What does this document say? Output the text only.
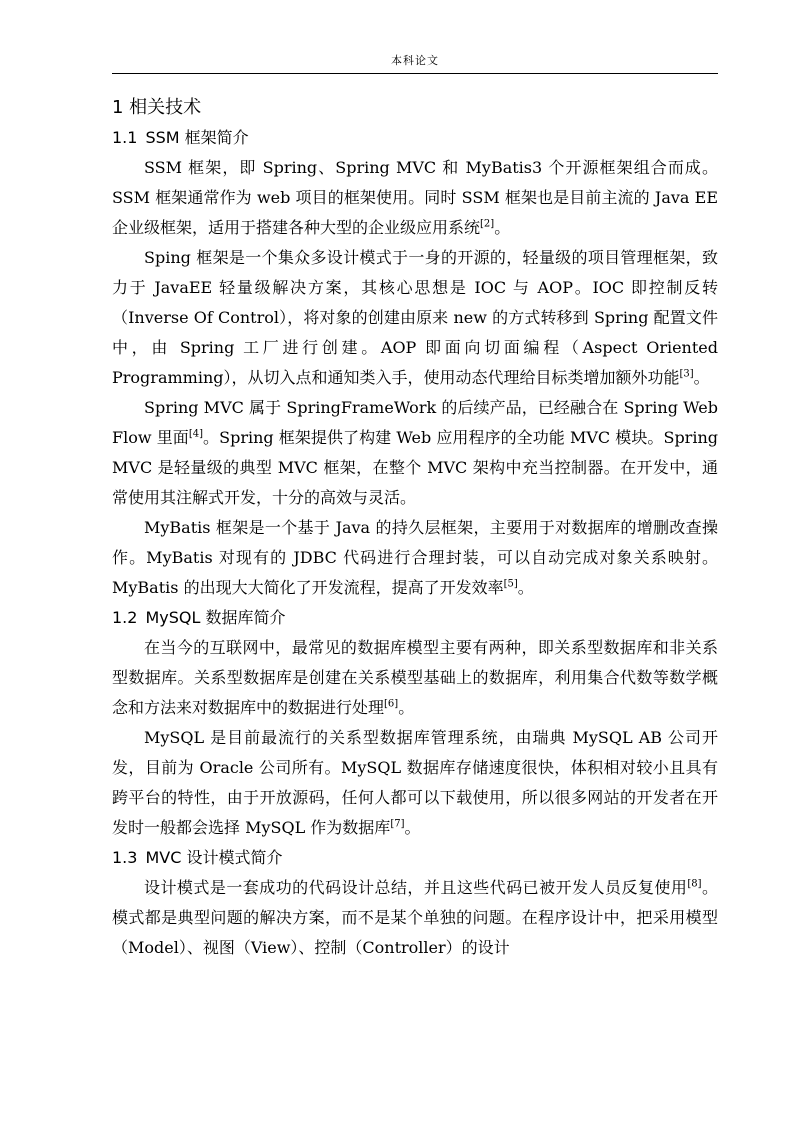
本科论文
1 相关技术
1.1 SSM 框架简介

SSM 框架，即 Spring、Spring MVC 和 MyBatis3 个开源框架组合而成。SSM 框架通常作为 web 项目的框架使用。同时 SSM 框架也是目前主流的 Java EE 企业级框架，适用于搭建各种大型的企业级应用系统[2]。

Sping 框架是一个集众多设计模式于一身的开源的，轻量级的项目管理框架，致力于 JavaEE 轻量级解决方案，其核心思想是 IOC 与 AOP。IOC 即控制反转（Inverse Of Control），将对象的创建由原来 new 的方式转移到 Spring 配置文件中，由 Spring 工厂进行创建。AOP 即面向切面编程（Aspect Oriented Programming），从切入点和通知类入手，使用动态代理给目标类增加额外功能[3]。

Spring MVC 属于 SpringFrameWork 的后续产品，已经融合在 Spring Web Flow 里面[4]。Spring 框架提供了构建 Web 应用程序的全功能 MVC 模块。Spring MVC 是轻量级的典型 MVC 框架，在整个 MVC 架构中充当控制器。在开发中，通常使用其注解式开发，十分的高效与灵活。

MyBatis 框架是一个基于 Java 的持久层框架，主要用于对数据库的增删改查操作。MyBatis 对现有的 JDBC 代码进行合理封装，可以自动完成对象关系映射。MyBatis 的出现大大简化了开发流程，提高了开发效率[5]。

1.2 MySQL 数据库简介

在当今的互联网中，最常见的数据库模型主要有两种，即关系型数据库和非关系型数据库。关系型数据库是创建在关系模型基础上的数据库，利用集合代数等数学概念和方法来对数据库中的数据进行处理[6]。

MySQL 是目前最流行的关系型数据库管理系统，由瑞典 MySQL AB 公司开发，目前为 Oracle 公司所有。MySQL 数据库存储速度很快，体积相对较小且具有跨平台的特性，由于开放源码，任何人都可以下载使用，所以很多网站的开发者在开发时一般都会选择 MySQL 作为数据库[7]。

1.3 MVC 设计模式简介

设计模式是一套成功的代码设计总结，并且这些代码已被开发人员反复使用[8]。模式都是典型问题的解决方案，而不是某个单独的问题。在程序设计中，把采用模型（Model）、视图（View）、控制（Controller）的设计
